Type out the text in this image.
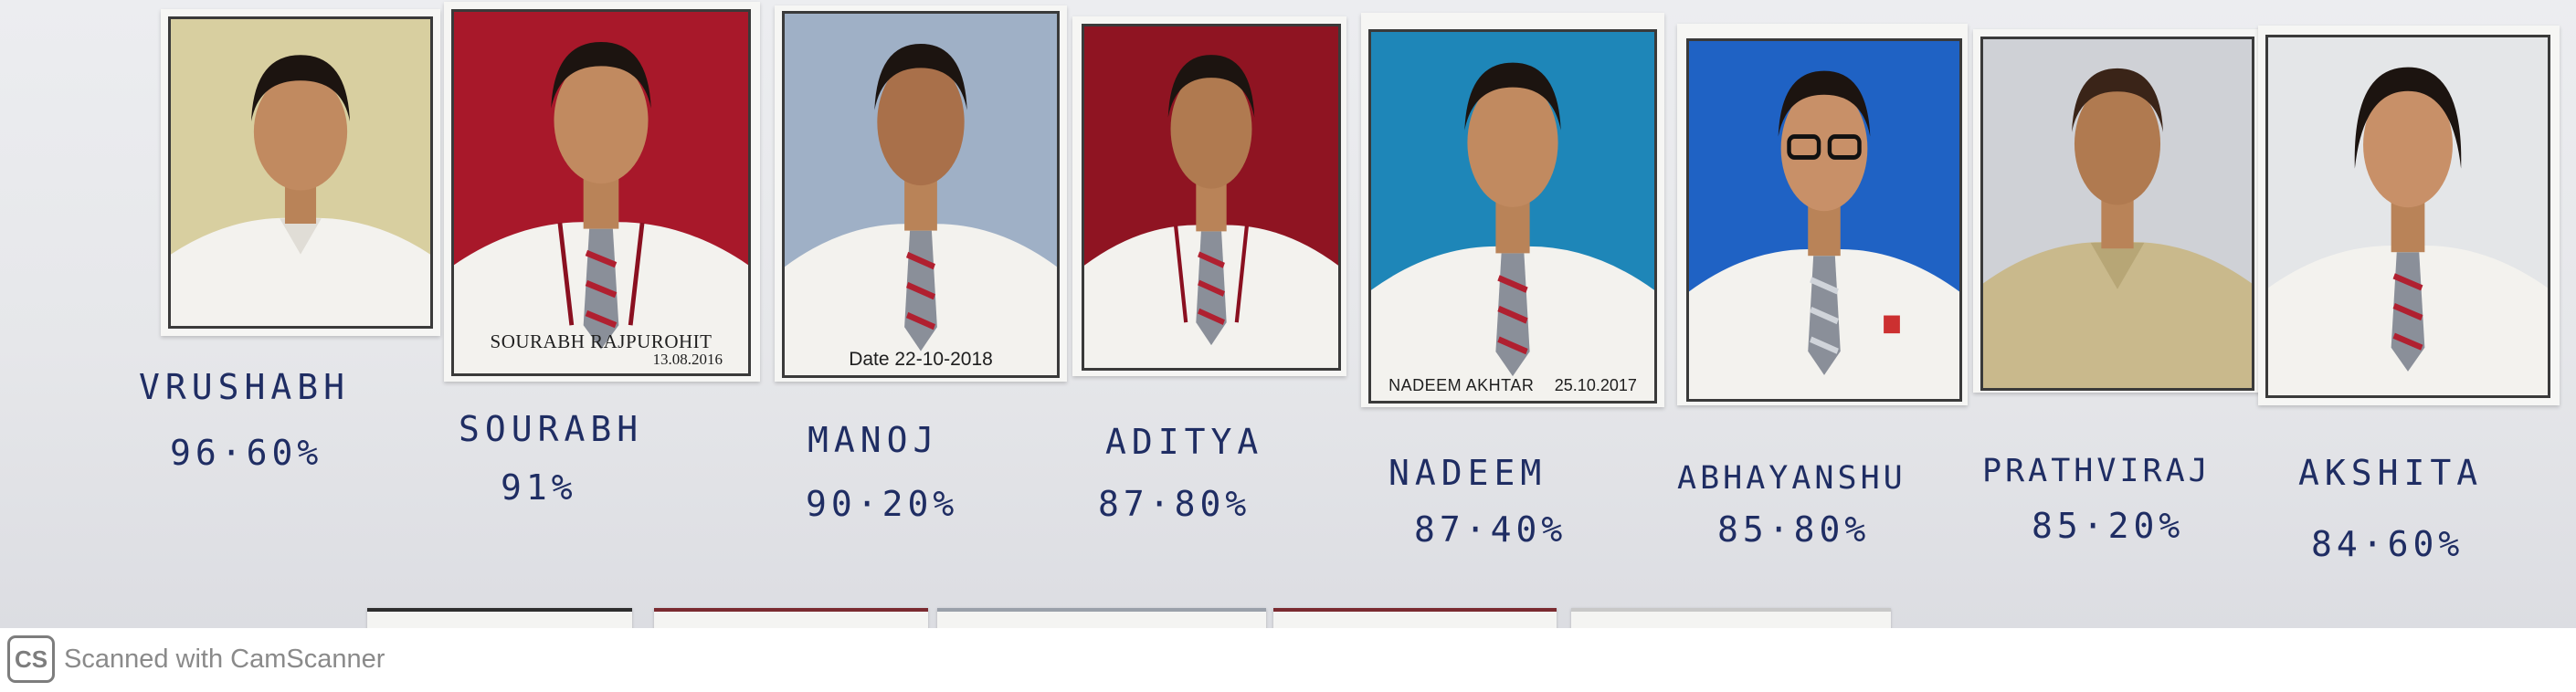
SOURABH RAJPUROHIT
13.08.2016	Date 22-10-2018
NADEEM AKHTAR 25.10.2017
VRUSHABH
SOURABH	MANOJ	ADITYA
NADEEM	ABHAYANSHU PRATHVIRAJ	AKSHITA
96·60%
91%	90·20%	87·80%
87·40%	85·80%	85·20%	84·60%
CS Scanned with CamScanner
